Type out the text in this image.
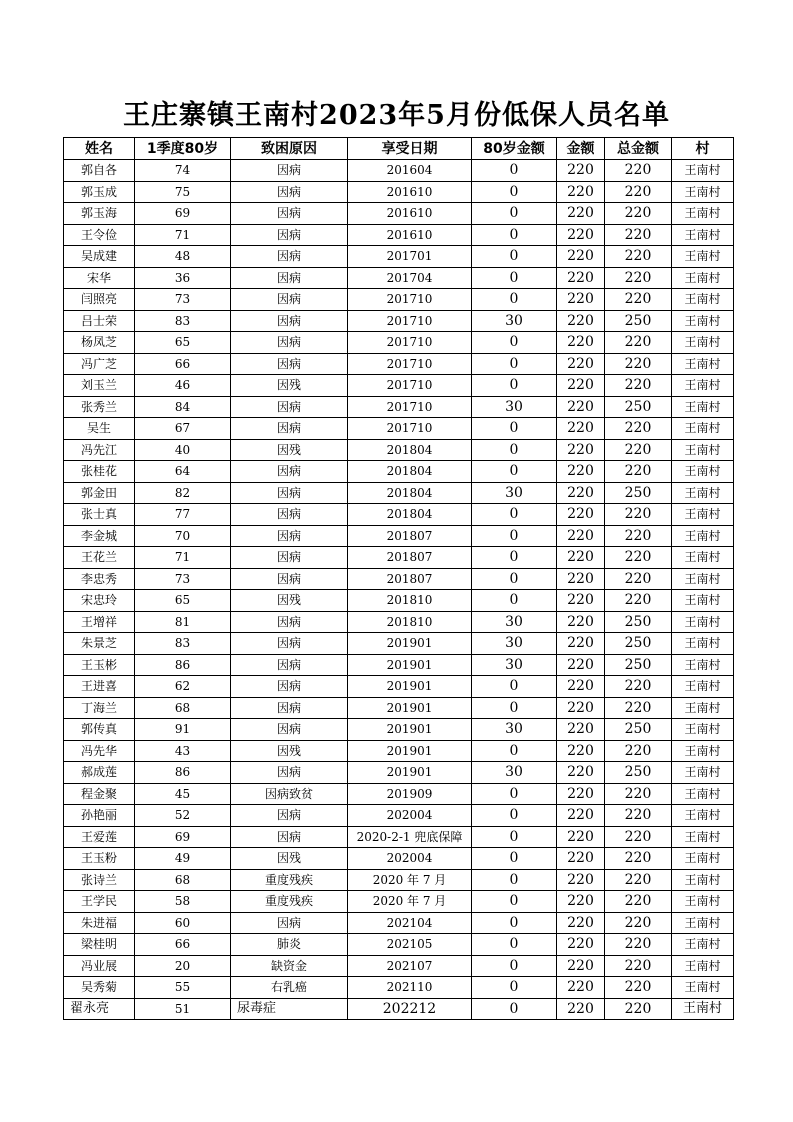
王庄寨镇王南村2023年5月份低保人员名单
姓名	1季度80岁	致困原因	享受日期	80岁金额	金额	总金额	村
郭自各	74	因病	201604	0	220	220	王南村
郭玉成	75	因病	201610	0	220	220	王南村
郭玉海	69	因病	201610	0	220	220	王南村
王令俭	71	因病	201610	0	220	220	王南村
吴成建	48	因病	201701	0	220	220	王南村
宋华	36	因病	201704	0	220	220	王南村
闫照亮	73	因病	201710	0	220	220	王南村
吕士荣	83	因病	201710	30	220	250	王南村
杨凤芝	65	因病	201710	0	220	220	王南村
冯广芝	66	因病	201710	0	220	220	王南村
刘玉兰	46	因残	201710	0	220	220	王南村
张秀兰	84	因病	201710	30	220	250	王南村
吴生	67	因病	201710	0	220	220	王南村
冯先江	40	因残	201804	0	220	220	王南村
张桂花	64	因病	201804	0	220	220	王南村
郭金田	82	因病	201804	30	220	250	王南村
张士真	77	因病	201804	0	220	220	王南村
李金城	70	因病	201807	0	220	220	王南村
王花兰	71	因病	201807	0	220	220	王南村
李忠秀	73	因病	201807	0	220	220	王南村
宋忠玲	65	因残	201810	0	220	220	王南村
王增祥	81	因病	201810	30	220	250	王南村
朱景芝	83	因病	201901	30	220	250	王南村
王玉彬	86	因病	201901	30	220	250	王南村
王进喜	62	因病	201901	0	220	220	王南村
丁海兰	68	因病	201901	0	220	220	王南村
郭传真	91	因病	201901	30	220	250	王南村
冯先华	43	因残	201901	0	220	220	王南村
郝成莲	86	因病	201901	30	220	250	王南村
程金聚	45	因病致贫	201909	0	220	220	王南村
孙艳丽	52	因病	202004	0	220	220	王南村
王爱莲	69	因病	2020-2-1 兜底保障	0	220	220	王南村
王玉粉	49	因残	202004	0	220	220	王南村
张诗兰	68	重度残疾	2020 年 7 月	0	220	220	王南村
王学民	58	重度残疾	2020 年 7 月	0	220	220	王南村
朱进福	60	因病	202104	0	220	220	王南村
梁桂明	66	肺炎	202105	0	220	220	王南村
冯业展	20	缺资金	202107	0	220	220	王南村
吴秀菊	55	右乳癌	202110	0	220	220	王南村
翟永亮	51	尿毒症	202212	0	220	220	王南村
